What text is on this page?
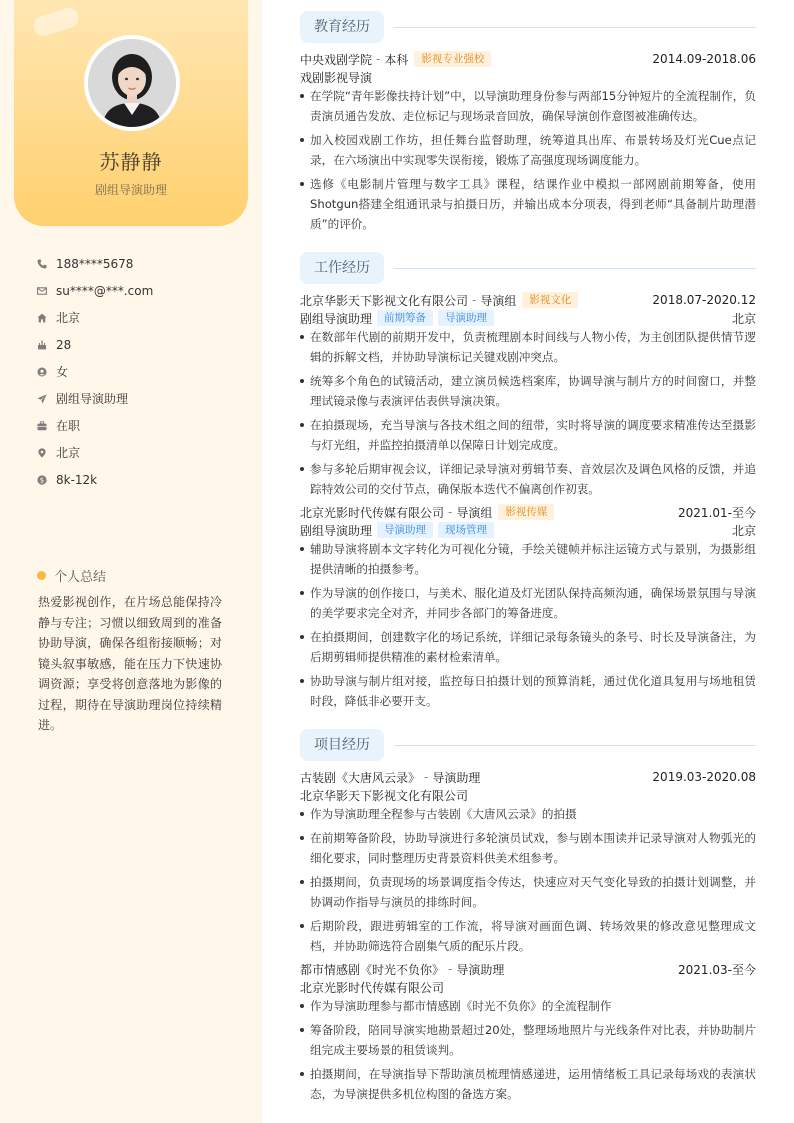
苏静静
剧组导演助理
188****5678
su****@***.com
北京
28
女
剧组导演助理
在职
北京
$ 8k-12k
个人总结
热爱影视创作，在片场总能保持冷静与专注；习惯以细致周到的准备协助导演，确保各组衔接顺畅；对镜头叙事敏感，能在压力下快速协调资源；享受将创意落地为影像的过程，期待在导演助理岗位持续精进。
教育经历
中央戏剧学院 - 本科	影视专业强校	2014.09-2018.06
戏剧影视导演
在学院“青年影像扶持计划”中，以导演助理身份参与两部15分钟短片的全流程制作，负责演员通告发放、走位标记与现场录音回放，确保导演创作意图被准确传达。
加入校园戏剧工作坊，担任舞台监督助理，统筹道具出库、布景转场及灯光Cue点记录，在六场演出中实现零失误衔接，锻炼了高强度现场调度能力。
选修《电影制片管理与数字工具》课程，结课作业中模拟一部网剧前期筹备，使用Shotgun搭建全组通讯录与拍摄日历，并输出成本分项表，得到老师“具备制片助理潜质”的评价。
工作经历
北京华影天下影视文化有限公司 - 导演组	影视文化	2018.07-2020.12
剧组导演助理	前期筹备	导演助理	北京
在数部年代剧的前期开发中，负责梳理剧本时间线与人物小传，为主创团队提供情节逻辑的拆解文档，并协助导演标记关键戏剧冲突点。
统筹多个角色的试镜活动，建立演员候选档案库，协调导演与制片方的时间窗口，并整理试镜录像与表演评估表供导演决策。
在拍摄现场，充当导演与各技术组之间的纽带，实时将导演的调度要求精准传达至摄影与灯光组，并监控拍摄清单以保障日计划完成度。
参与多轮后期审视会议，详细记录导演对剪辑节奏、音效层次及调色风格的反馈，并追踪特效公司的交付节点，确保版本迭代不偏离创作初衷。
北京光影时代传媒有限公司 - 导演组	影视传媒	2021.01-至今
剧组导演助理	导演助理	现场管理	北京
辅助导演将剧本文字转化为可视化分镜，手绘关键帧并标注运镜方式与景别，为摄影组提供清晰的拍摄参考。
作为导演的创作接口，与美术、服化道及灯光团队保持高频沟通，确保场景氛围与导演的美学要求完全对齐，并同步各部门的筹备进度。
在拍摄期间，创建数字化的场记系统，详细记录每条镜头的条号、时长及导演备注，为后期剪辑师提供精准的素材检索清单。
协助导演与制片组对接，监控每日拍摄计划的预算消耗，通过优化道具复用与场地租赁时段，降低非必要开支。
项目经历
古装剧《大唐风云录》 - 导演助理	2019.03-2020.08
北京华影天下影视文化有限公司
作为导演助理全程参与古装剧《大唐风云录》的拍摄
在前期筹备阶段，协助导演进行多轮演员试戏，参与剧本围读并记录导演对人物弧光的细化要求，同时整理历史背景资料供美术组参考。
拍摄期间，负责现场的场景调度指令传达，快速应对天气变化导致的拍摄计划调整，并协调动作指导与演员的排练时间。
后期阶段，跟进剪辑室的工作流，将导演对画面色调、转场效果的修改意见整理成文档，并协助筛选符合剧集气质的配乐片段。
都市情感剧《时光不负你》 - 导演助理	2021.03-至今
北京光影时代传媒有限公司
作为导演助理参与都市情感剧《时光不负你》的全流程制作
筹备阶段，陪同导演实地勘景超过20处，整理场地照片与光线条件对比表，并协助制片组完成主要场景的租赁谈判。
拍摄期间，在导演指导下帮助演员梳理情感递进，运用情绪板工具记录每场戏的表演状态，为导演提供多机位构图的备选方案。
